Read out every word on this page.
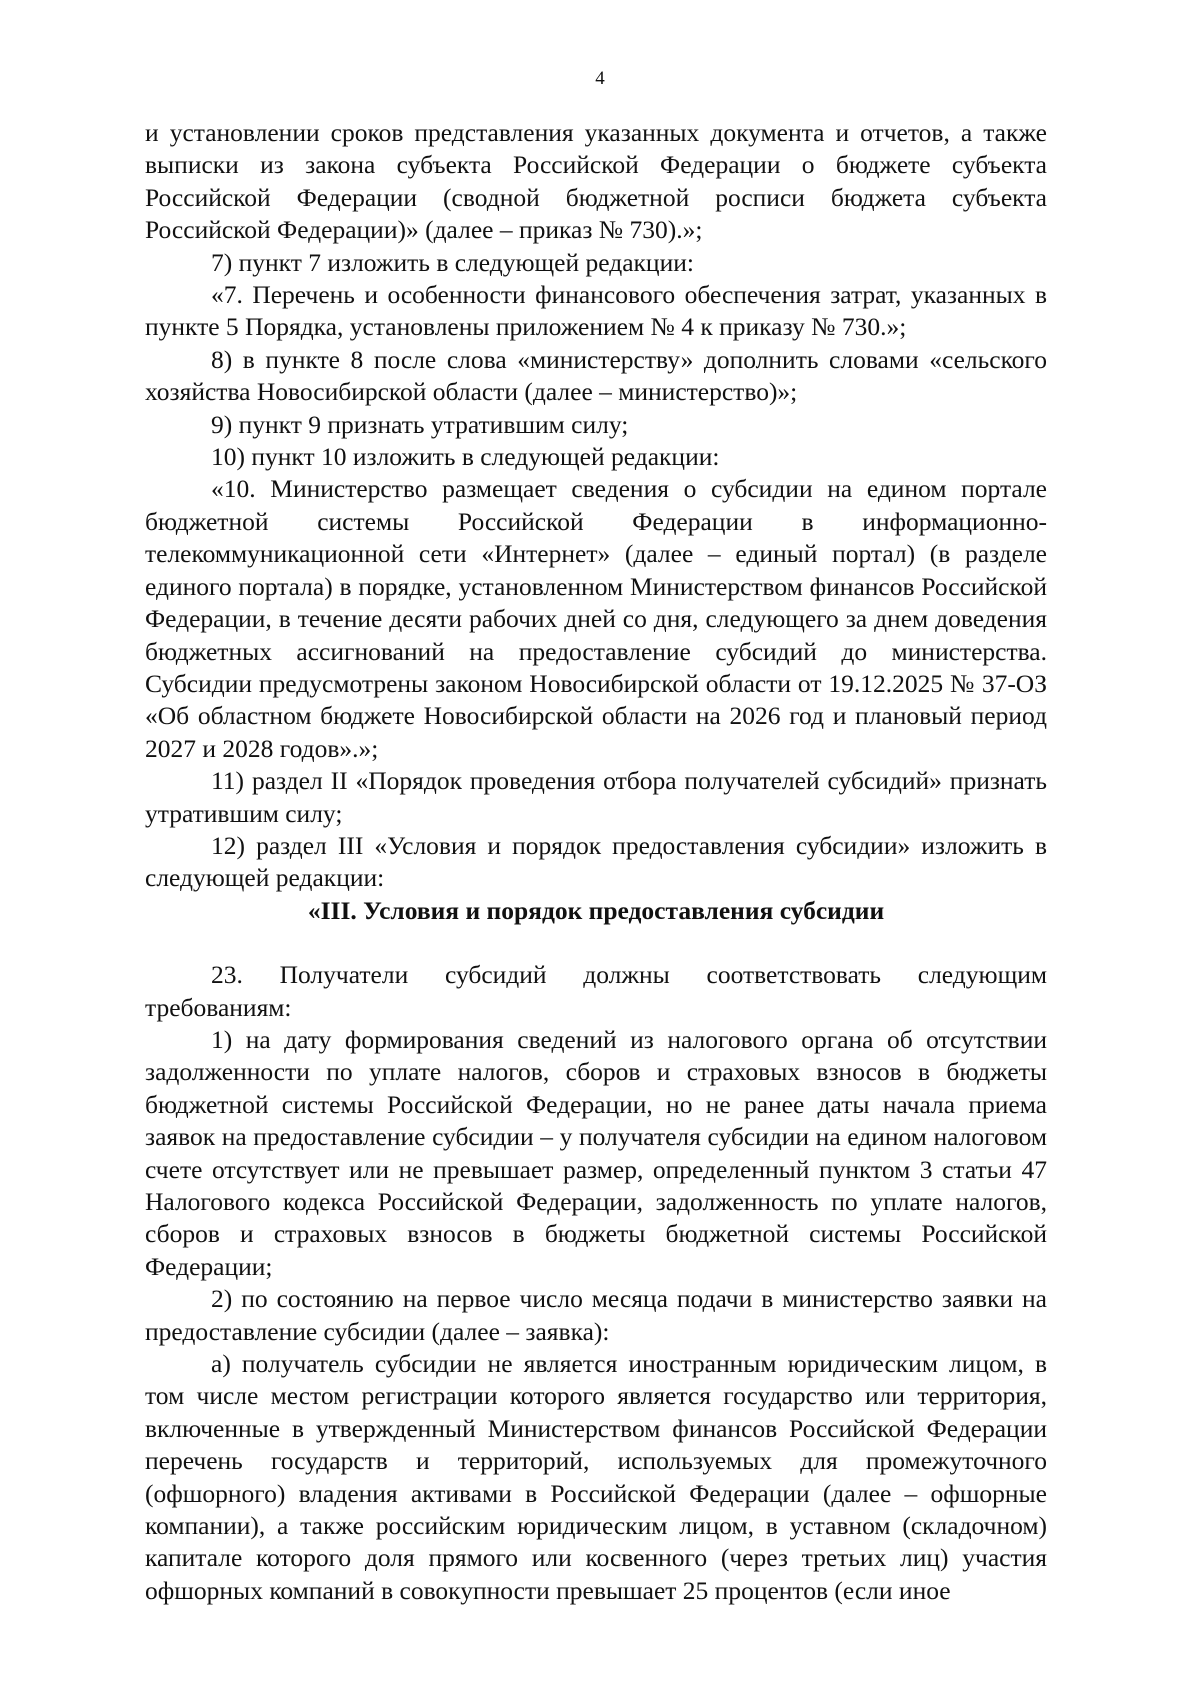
4

и установлении сроков представления указанных документа и отчетов, а также выписки из закона субъекта Российской Федерации о бюджете субъекта Российской Федерации (сводной бюджетной росписи бюджета субъекта Российской Федерации)» (далее – приказ № 730).»;

7) пункт 7 изложить в следующей редакции:

«7. Перечень и особенности финансового обеспечения затрат, указанных в пункте 5 Порядка, установлены приложением № 4 к приказу № 730.»;

8) в пункте 8 после слова «министерству» дополнить словами «сельского хозяйства Новосибирской области (далее – министерство)»;

9) пункт 9 признать утратившим силу;

10) пункт 10 изложить в следующей редакции:

«10. Министерство размещает сведения о субсидии на едином портале бюджетной системы Российской Федерации в информационно-телекоммуникационной сети «Интернет» (далее – единый портал) (в разделе единого портала) в порядке, установленном Министерством финансов Российской Федерации, в течение десяти рабочих дней со дня, следующего за днем доведения бюджетных ассигнований на предоставление субсидий до министерства. Субсидии предусмотрены законом Новосибирской области от 19.12.2025 № 37-ОЗ «Об областном бюджете Новосибирской области на 2026 год и плановый период 2027 и 2028 годов».»;

11) раздел II «Порядок проведения отбора получателей субсидий» признать утратившим силу;

12) раздел III «Условия и порядок предоставления субсидии» изложить в следующей редакции:

«III. Условия и порядок предоставления субсидии

23. Получатели субсидий должны соответствовать следующим требованиям:

1) на дату формирования сведений из налогового органа об отсутствии задолженности по уплате налогов, сборов и страховых взносов в бюджеты бюджетной системы Российской Федерации, но не ранее даты начала приема заявок на предоставление субсидии – у получателя субсидии на едином налоговом счете отсутствует или не превышает размер, определенный пунктом 3 статьи 47 Налогового кодекса Российской Федерации, задолженность по уплате налогов, сборов и страховых взносов в бюджеты бюджетной системы Российской Федерации;

2) по состоянию на первое число месяца подачи в министерство заявки на предоставление субсидии (далее – заявка):

а) получатель субсидии не является иностранным юридическим лицом, в том числе местом регистрации которого является государство или территория, включенные в утвержденный Министерством финансов Российской Федерации перечень государств и территорий, используемых для промежуточного (офшорного) владения активами в Российской Федерации (далее – офшорные компании), а также российским юридическим лицом, в уставном (складочном) капитале которого доля прямого или косвенного (через третьих лиц) участия офшорных компаний в совокупности превышает 25 процентов (если иное
